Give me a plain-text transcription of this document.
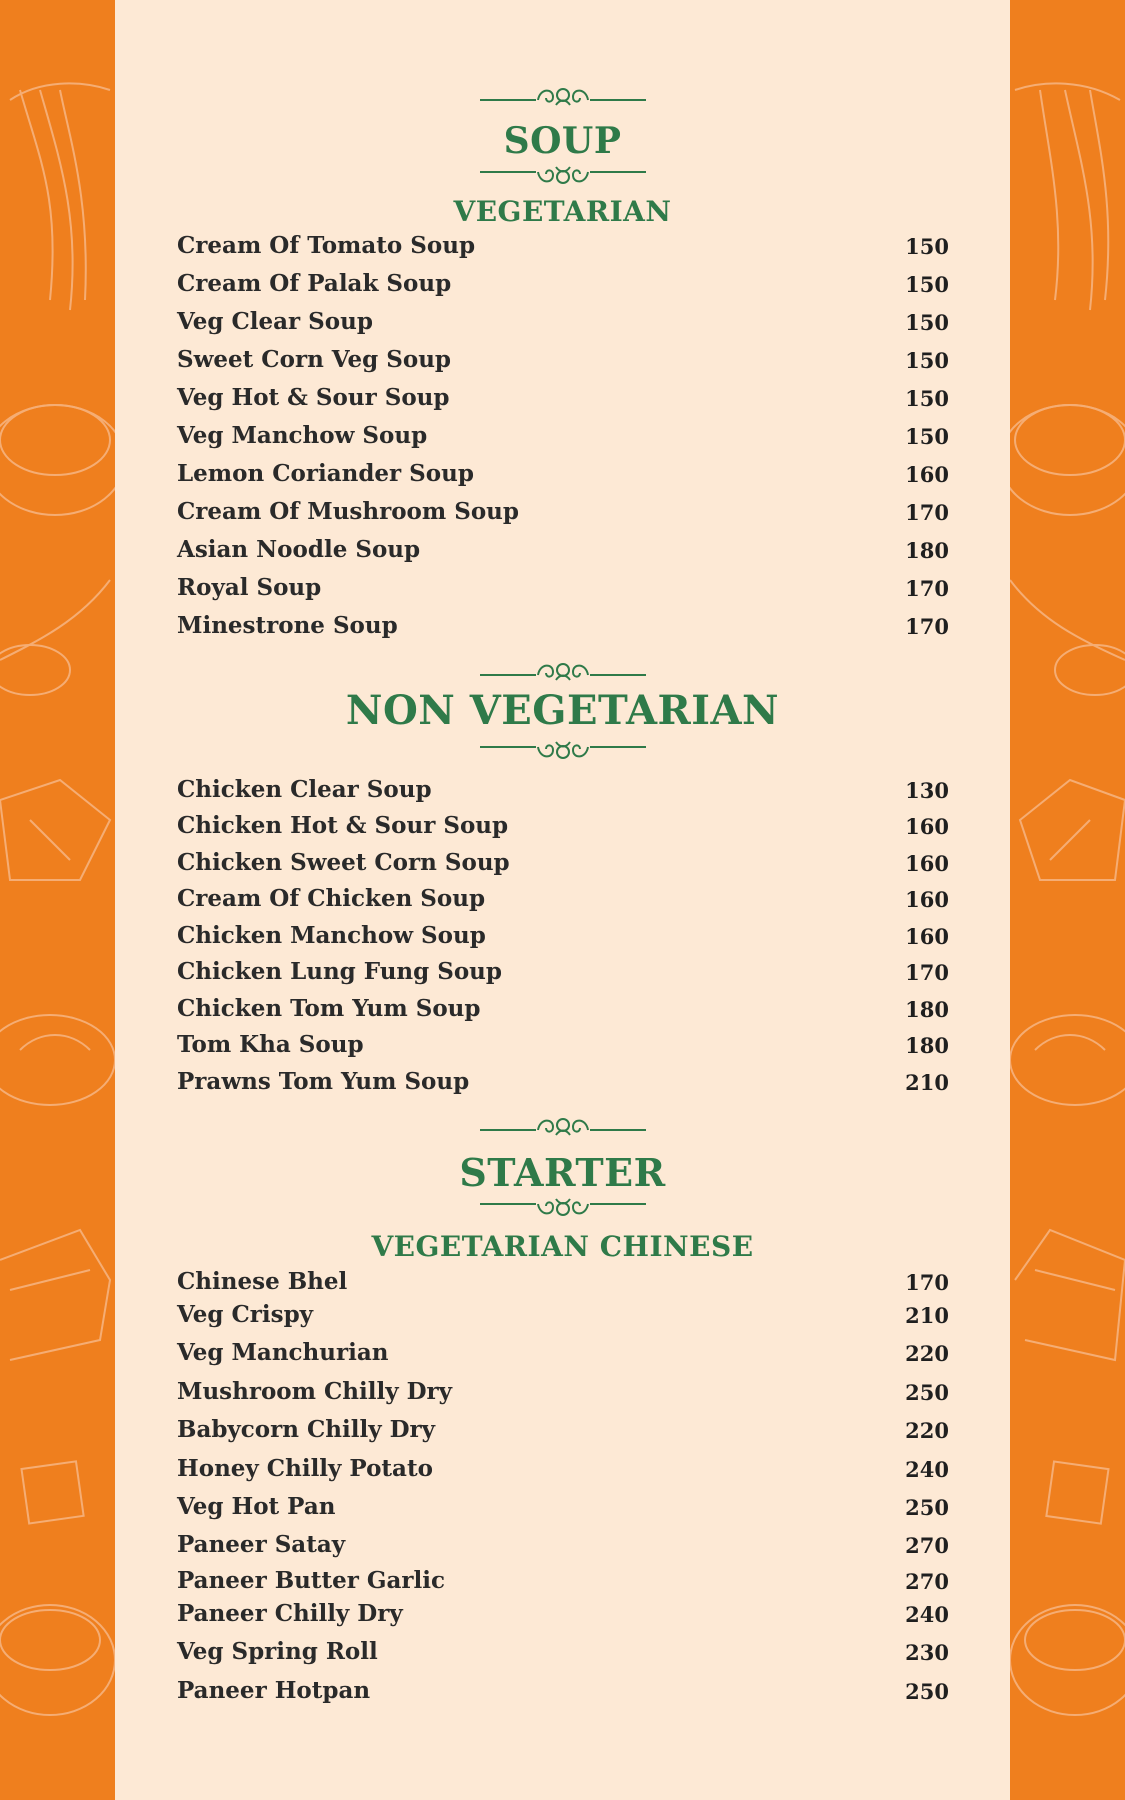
SOUP
VEGETARIAN
Cream Of Tomato Soup	150
Cream Of Palak Soup	150
Veg Clear Soup	150
Sweet Corn Veg Soup	150
Veg Hot & Sour Soup	150
Veg Manchow Soup	150
Lemon Coriander Soup	160
Cream Of Mushroom Soup	170
Asian Noodle Soup	180
Royal Soup	170
Minestrone Soup	170
NON VEGETARIAN
Chicken Clear Soup	130
Chicken Hot & Sour Soup	160
Chicken Sweet Corn Soup	160
Cream Of Chicken Soup	160
Chicken Manchow Soup	160
Chicken Lung Fung Soup	170
Chicken Tom Yum Soup	180
Tom Kha Soup	180
Prawns Tom Yum Soup	210
STARTER
VEGETARIAN CHINESE
Chinese Bhel	170
Veg Crispy	210
Veg Manchurian	220
Mushroom Chilly Dry	250
Babycorn Chilly Dry	220
Honey Chilly Potato	240
Veg Hot Pan	250
Paneer Satay	270
Paneer Butter Garlic	270
Paneer Chilly Dry	240
Veg Spring Roll	230
Paneer Hotpan	250
